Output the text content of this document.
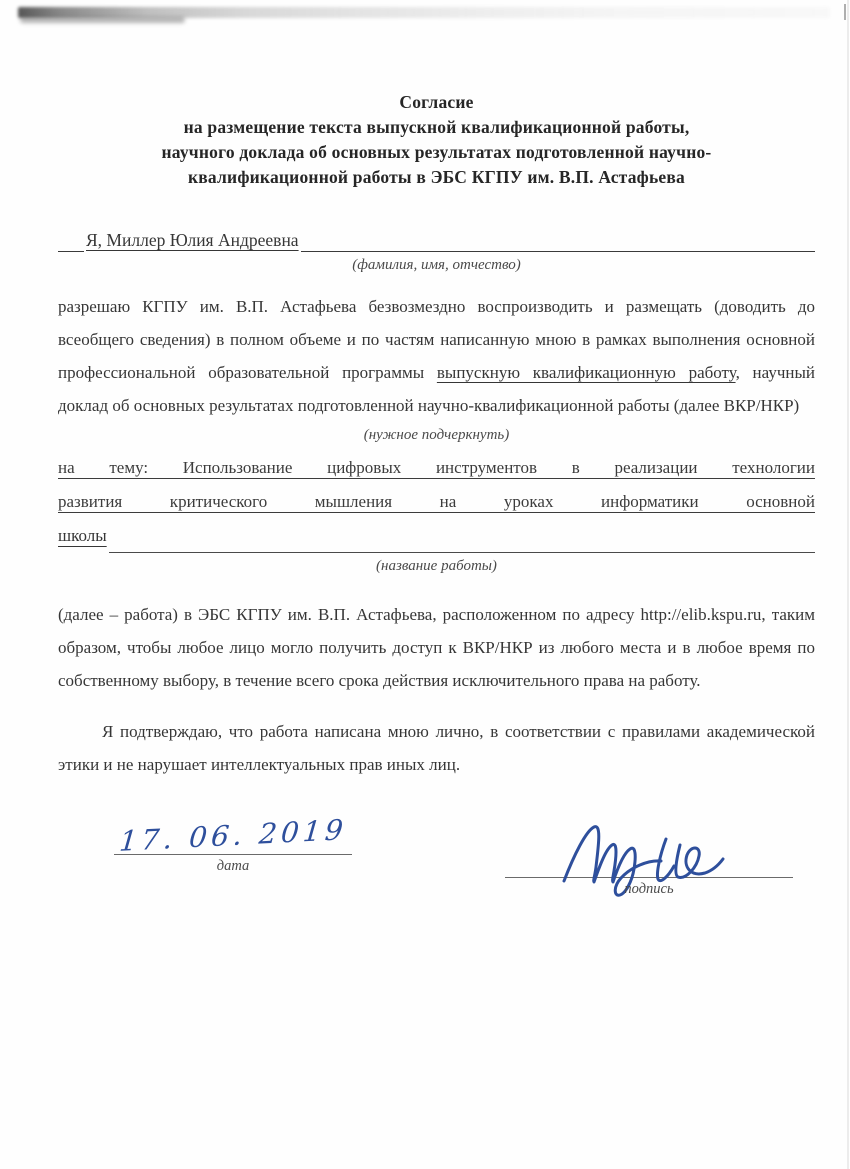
Согласие
на размещение текста выпускной квалификационной работы,
научного доклада об основных результатах подготовленной научно-
квалификационной работы в ЭБС КГПУ им. В.П. Астафьева
Я, Миллер Юлия Андреевна
(фамилия, имя, отчество)

разрешаю КГПУ им. В.П. Астафьева безвозмездно воспроизводить и размещать (доводить до всеобщего сведения) в полном объеме и по частям написанную мною в рамках выполнения основной профессиональной образовательной программы выпускную квалификационную работу, научный доклад об основных результатах подготовленной научно-квалификационной работы (далее ВКР/НКР)

(нужное подчеркнуть)
на тему: Использование цифровых инструментов в реализации технологии
развития критического мышления на уроках информатики основной
школы
(название работы)

(далее – работа) в ЭБС КГПУ им. В.П. Астафьева, расположенном по адресу http://elib.kspu.ru, таким образом, чтобы любое лицо могло получить доступ к ВКР/НКР из любого места и в любое время по собственному выбору, в течение всего срока действия исключительного права на работу.

Я подтверждаю, что работа написана мною лично, в соответствии с правилами академической этики и не нарушает интеллектуальных прав иных лиц.

17. 06. 2019
дата
подпись
